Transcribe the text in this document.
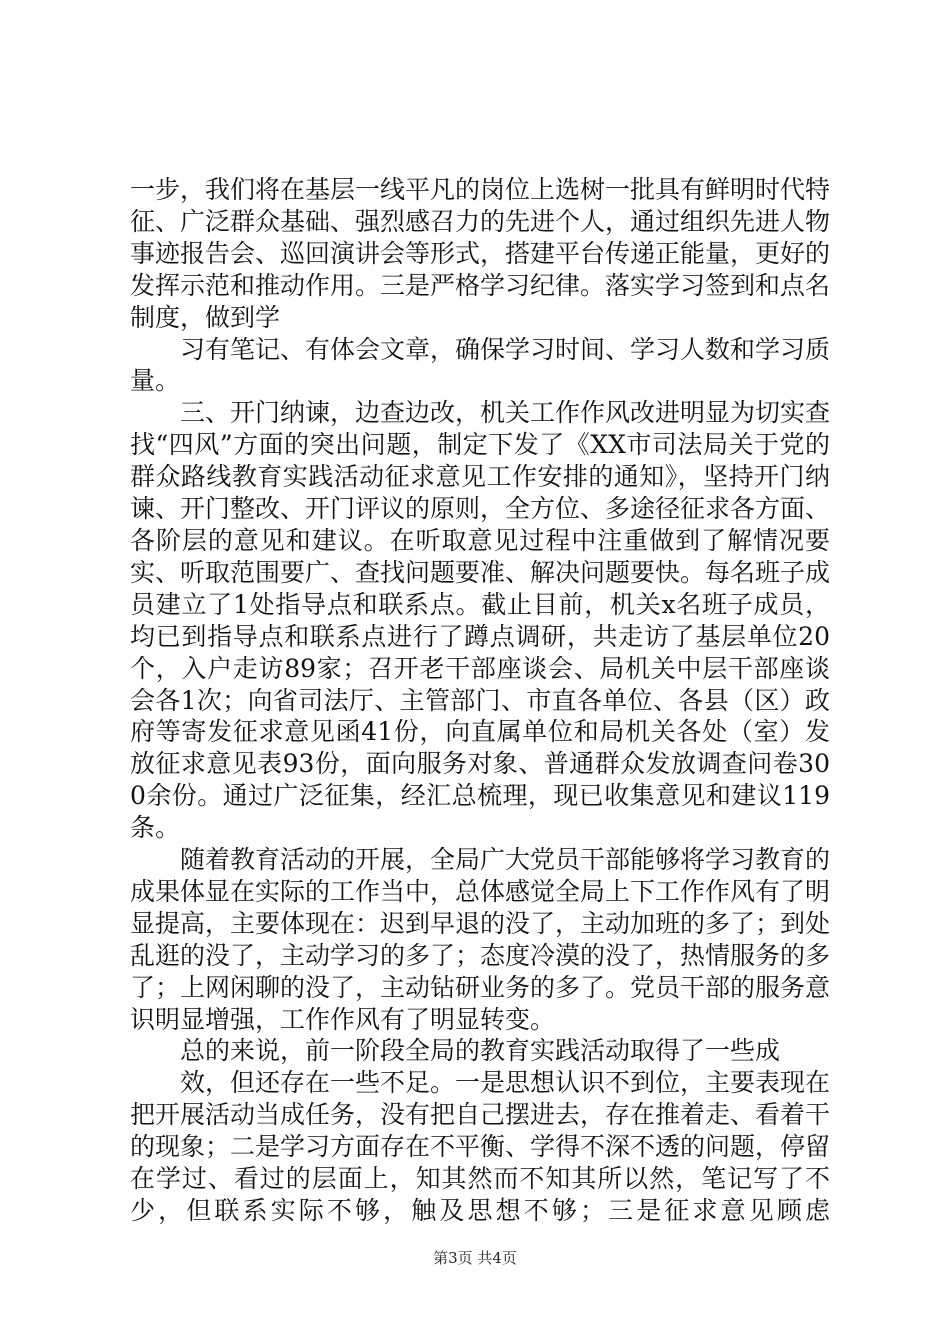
一步，我们将在基层一线平凡的岗位上选树一批具有鲜明时代特征、广泛群众基础、强烈感召力的先进个人，通过组织先进人物事迹报告会、巡回演讲会等形式，搭建平台传递正能量，更好的发挥示范和推动作用。三是严格学习纪律。落实学习签到和点名制度，做到学

习有笔记、有体会文章，确保学习时间、学习人数和学习质量。

三、开门纳谏，边查边改，机关工作作风改进明显为切实查找“四风”方面的突出问题，制定下发了《XX市司法局关于党的群众路线教育实践活动征求意见工作安排的通知》，坚持开门纳谏、开门整改、开门评议的原则，全方位、多途径征求各方面、各阶层的意见和建议。在听取意见过程中注重做到了解情况要实、听取范围要广、查找问题要准、解决问题要快。每名班子成员建立了1处指导点和联系点。截止目前，机关x名班子成员，均已到指导点和联系点进行了蹲点调研，共走访了基层单位20个，入户走访89家；召开老干部座谈会、局机关中层干部座谈会各1次；向省司法厅、主管部门、市直各单位、各县（区）政府等寄发征求意见函41份，向直属单位和局机关各处（室）发放征求意见表93份，面向服务对象、普通群众发放调查问卷300余份。通过广泛征集，经汇总梳理，现已收集意见和建议119条。

随着教育活动的开展，全局广大党员干部能够将学习教育的成果体显在实际的工作当中，总体感觉全局上下工作作风有了明显提高，主要体现在：迟到早退的没了，主动加班的多了；到处乱逛的没了，主动学习的多了；态度冷漠的没了，热情服务的多了；上网闲聊的没了，主动钻研业务的多了。党员干部的服务意识明显增强，工作作风有了明显转变。

总的来说，前一阶段全局的教育实践活动取得了一些成

效，但还存在一些不足。一是思想认识不到位，主要表现在把开展活动当成任务，没有把自己摆进去，存在推着走、看着干的现象；二是学习方面存在不平衡、学得不深不透的问题，停留在学过、看过的层面上，知其然而不知其所以然，笔记写了不少，但联系实际不够，触及思想不够；三是征求意见顾虑

第3页 共4页
